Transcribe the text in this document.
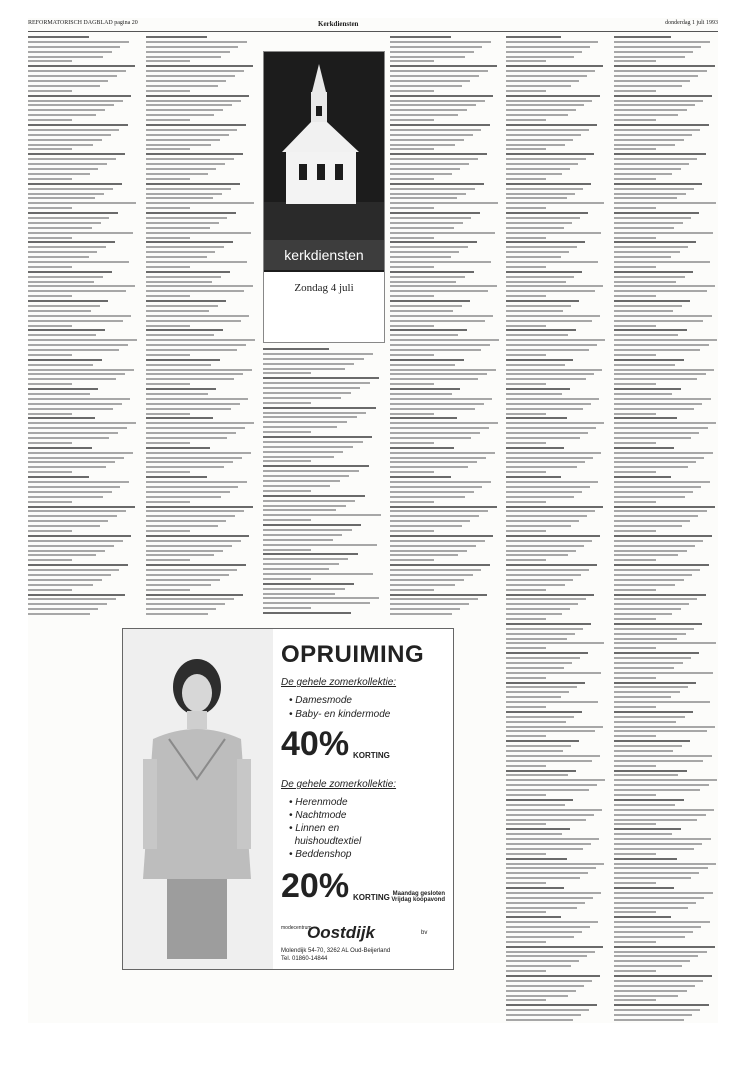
REFORMATORISCH DAGBLAD pagina 20	Kerkdiensten	donderdag 1 juli 1993
kerkdiensten
Zondag 4 juli
OPRUIMING
De gehele zomerkollektie:
• Damesmode
• Baby- en kindermode
40% KORTING
De gehele zomerkollektie:
• Herenmode
• Nachtmode
• Linnen en
huishoudtextiel
• Beddenshop
20% KORTING Maandag gesloten
Vrijdag koopavond
modecentrum
Oostdijk	bv
Molendijk 54-70, 3262 AL Oud-Beijerland
Tel. 01860-14844
